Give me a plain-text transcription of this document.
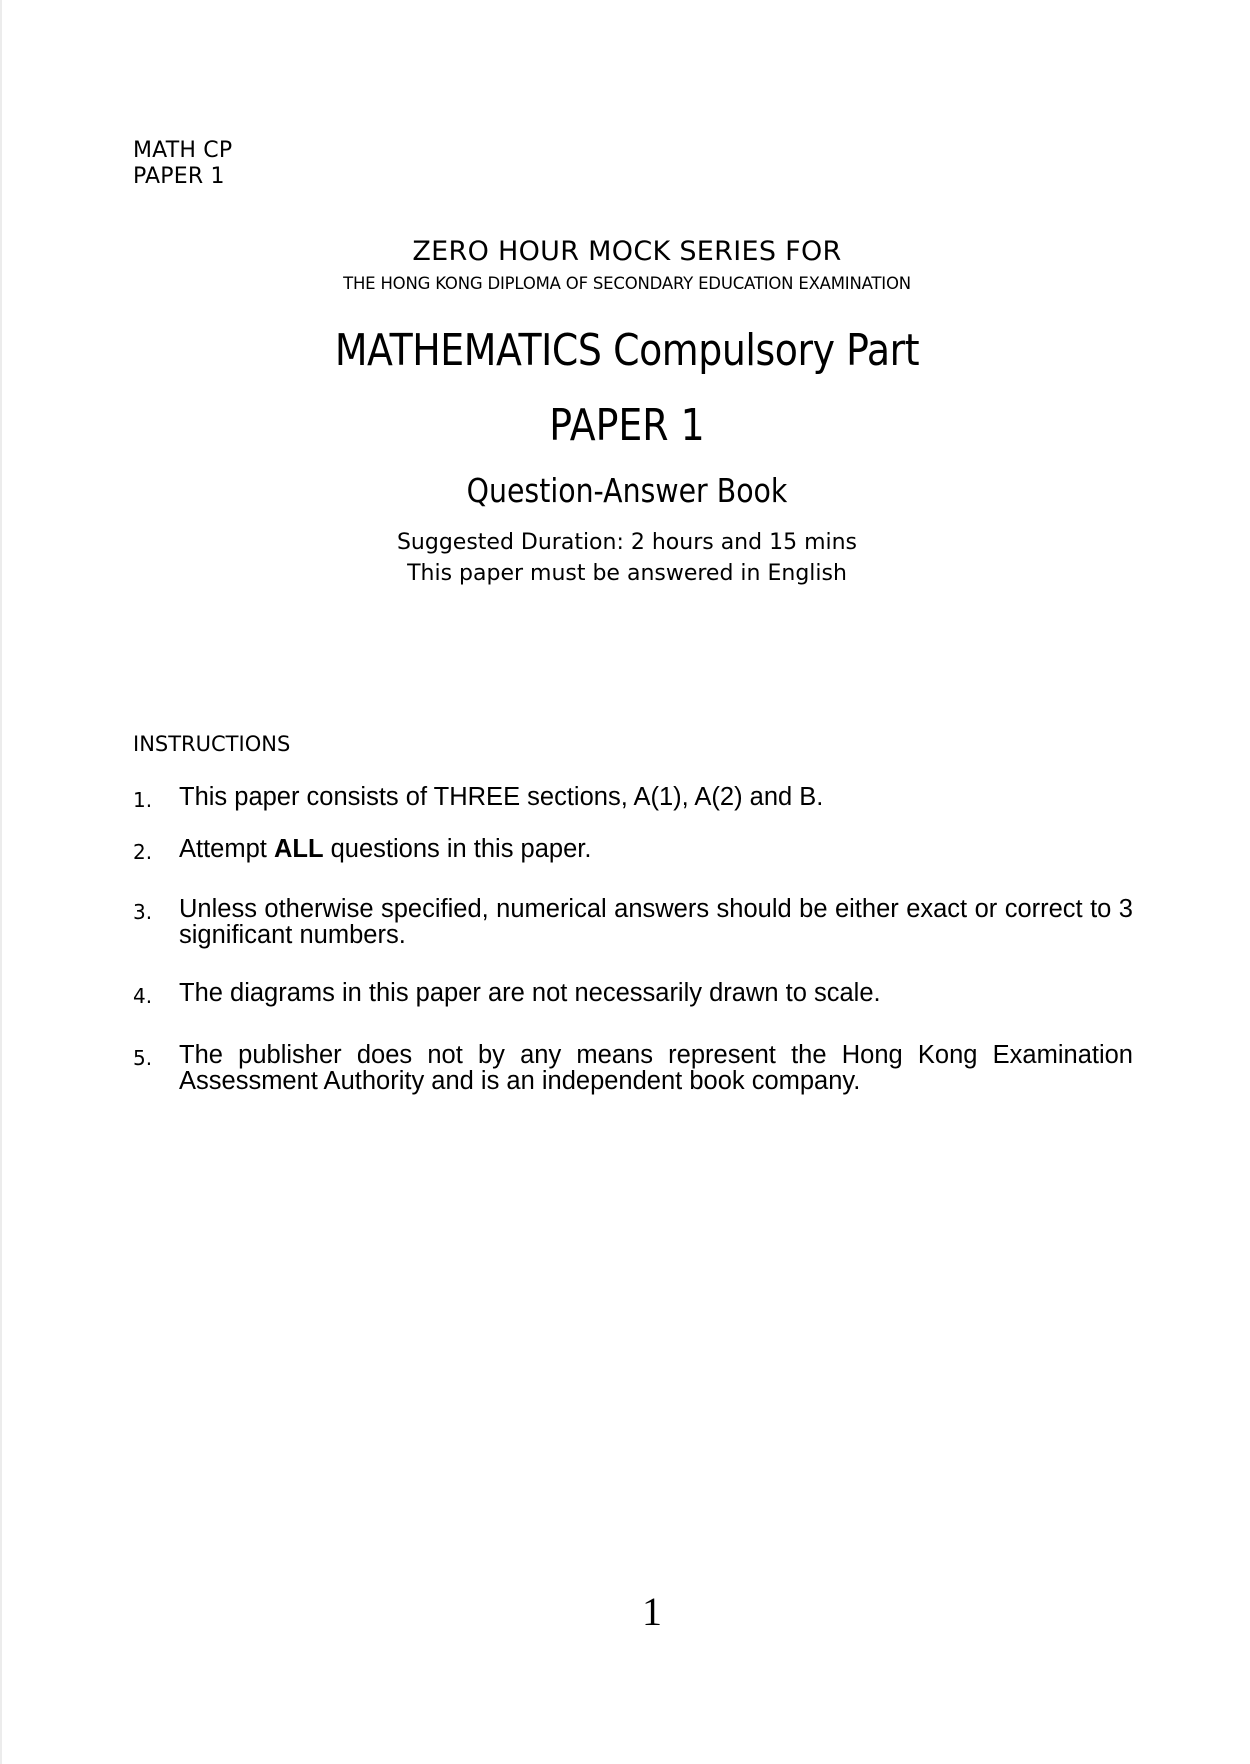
MATH CP
PAPER 1
ZERO HOUR MOCK SERIES FOR
THE HONG KONG DIPLOMA OF SECONDARY EDUCATION EXAMINATION
MATHEMATICS Compulsory Part
PAPER 1
Question-Answer Book
Suggested Duration: 2 hours and 15 mins
This paper must be answered in English
INSTRUCTIONS
1. This paper consists of THREE sections, A(1), A(2) and B.
2. Attempt ALL questions in this paper.
3. Unless otherwise specified, numerical answers should be either exact or correct to 3 significant numbers.
4. The diagrams in this paper are not necessarily drawn to scale.
5. The publisher does not by any means represent the Hong Kong Examination Assessment Authority and is an independent book company.
1
